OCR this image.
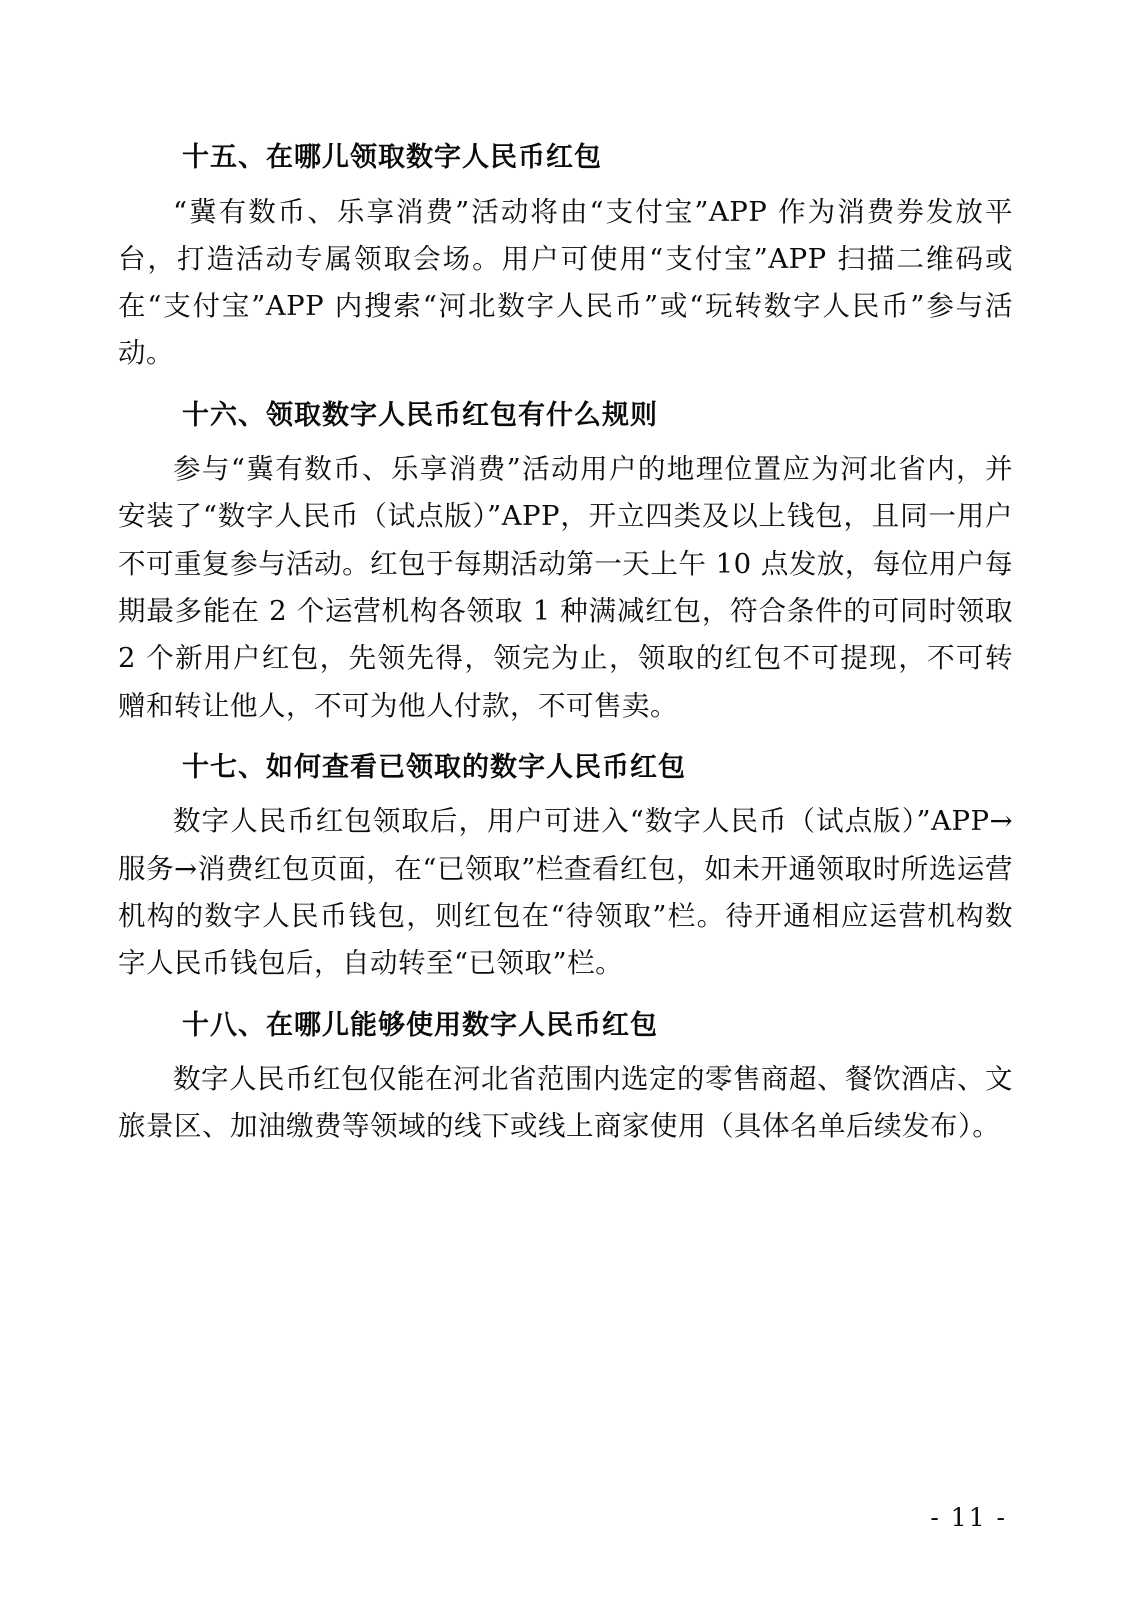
十五、在哪儿领取数字人民币红包

“冀有数币、乐享消费”活动将由“支付宝”APP 作为消费券发放平台，打造活动专属领取会场。用户可使用“支付宝”APP 扫描二维码或在“支付宝”APP 内搜索“河北数字人民币”或“玩转数字人民币”参与活动。

十六、领取数字人民币红包有什么规则

参与“冀有数币、乐享消费”活动用户的地理位置应为河北省内，并安装了“数字人民币（试点版）”APP，开立四类及以上钱包，且同一用户不可重复参与活动。红包于每期活动第一天上午 10 点发放，每位用户每期最多能在 2 个运营机构各领取 1 种满减红包，符合条件的可同时领取 2 个新用户红包，先领先得，领完为止，领取的红包不可提现，不可转赠和转让他人，不可为他人付款，不可售卖。

十七、如何查看已领取的数字人民币红包

数字人民币红包领取后，用户可进入“数字人民币（试点版）”APP→服务→消费红包页面，在“已领取”栏查看红包，如未开通领取时所选运营机构的数字人民币钱包，则红包在“待领取”栏。待开通相应运营机构数字人民币钱包后，自动转至“已领取”栏。

十八、在哪儿能够使用数字人民币红包

数字人民币红包仅能在河北省范围内选定的零售商超、餐饮酒店、文旅景区、加油缴费等领域的线下或线上商家使用（具体名单后续发布）。

- 11 -
